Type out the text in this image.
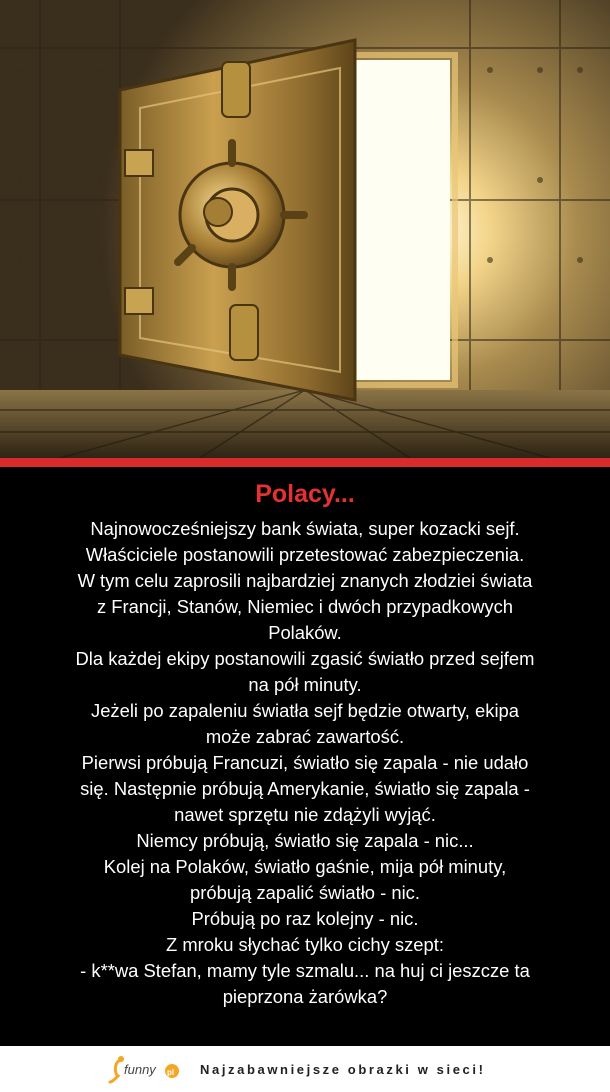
Polacy...
Najnowocześniejszy bank świata, super kozacki sejf.
Właściciele postanowili przetestować zabezpieczenia.
W tym celu zaprosili najbardziej znanych złodziei świata
z Francji, Stanów, Niemiec i dwóch przypadkowych
Polaków.
Dla każdej ekipy postanowili zgasić światło przed sejfem
na pół minuty.
Jeżeli po zapaleniu światła sejf będzie otwarty, ekipa
może zabrać zawartość.
Pierwsi próbują Francuzi, światło się zapala - nie udało
się. Następnie próbują Amerykanie, światło się zapala -
nawet sprzętu nie zdążyli wyjąć.
Niemcy próbują, światło się zapala - nic...
Kolej na Polaków, światło gaśnie, mija pół minuty,
próbują zapalić światło - nic.
Próbują po raz kolejny - nic.
Z mroku słychać tylko cichy szept:
- k**wa Stefan, mamy tyle szmalu... na huj ci jeszcze ta
pieprzona żarówka?
funny pl Najzabawniejsze obrazki w sieci!
